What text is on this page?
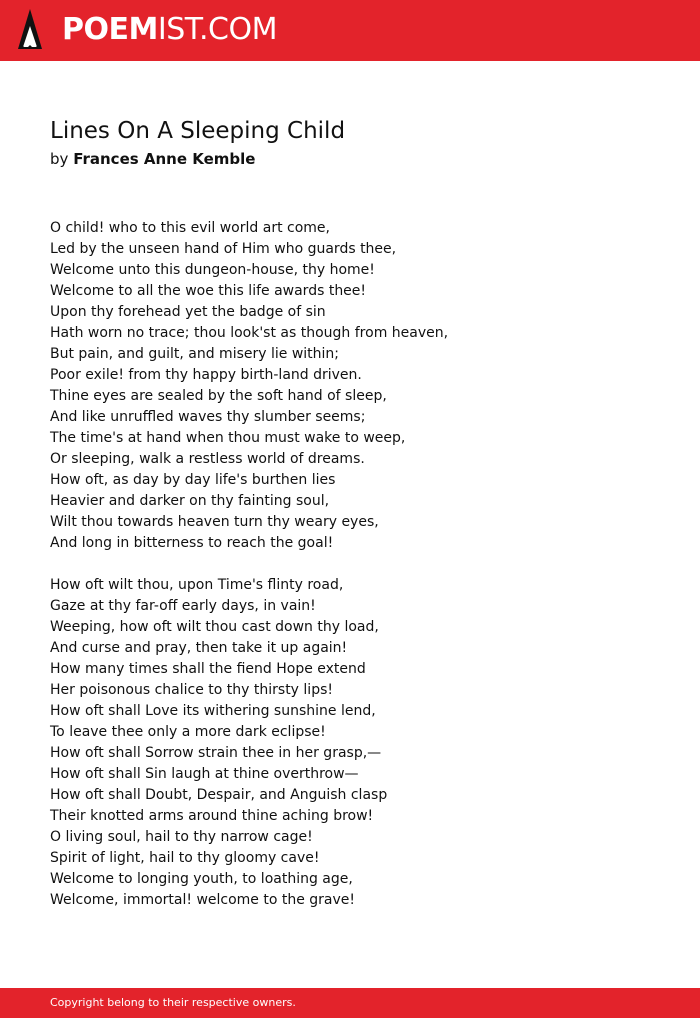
POEMIST.COM
Lines On A Sleeping Child
by Frances Anne Kemble
O child! who to this evil world art come,
Led by the unseen hand of Him who guards thee,
Welcome unto this dungeon-house, thy home!
Welcome to all the woe this life awards thee!
Upon thy forehead yet the badge of sin
Hath worn no trace; thou look'st as though from heaven,
But pain, and guilt, and misery lie within;
Poor exile! from thy happy birth-land driven.
Thine eyes are sealed by the soft hand of sleep,
And like unruffled waves thy slumber seems;
The time's at hand when thou must wake to weep,
Or sleeping, walk a restless world of dreams.
How oft, as day by day life's burthen lies
Heavier and darker on thy fainting soul,
Wilt thou towards heaven turn thy weary eyes,
And long in bitterness to reach the goal!
How oft wilt thou, upon Time's flinty road,
Gaze at thy far-off early days, in vain!
Weeping, how oft wilt thou cast down thy load,
And curse and pray, then take it up again!
How many times shall the fiend Hope extend
Her poisonous chalice to thy thirsty lips!
How oft shall Love its withering sunshine lend,
To leave thee only a more dark eclipse!
How oft shall Sorrow strain thee in her grasp,—
How oft shall Sin laugh at thine overthrow—
How oft shall Doubt, Despair, and Anguish clasp
Their knotted arms around thine aching brow!
O living soul, hail to thy narrow cage!
Spirit of light, hail to thy gloomy cave!
Welcome to longing youth, to loathing age,
Welcome, immortal! welcome to the grave!
Copyright belong to their respective owners.
